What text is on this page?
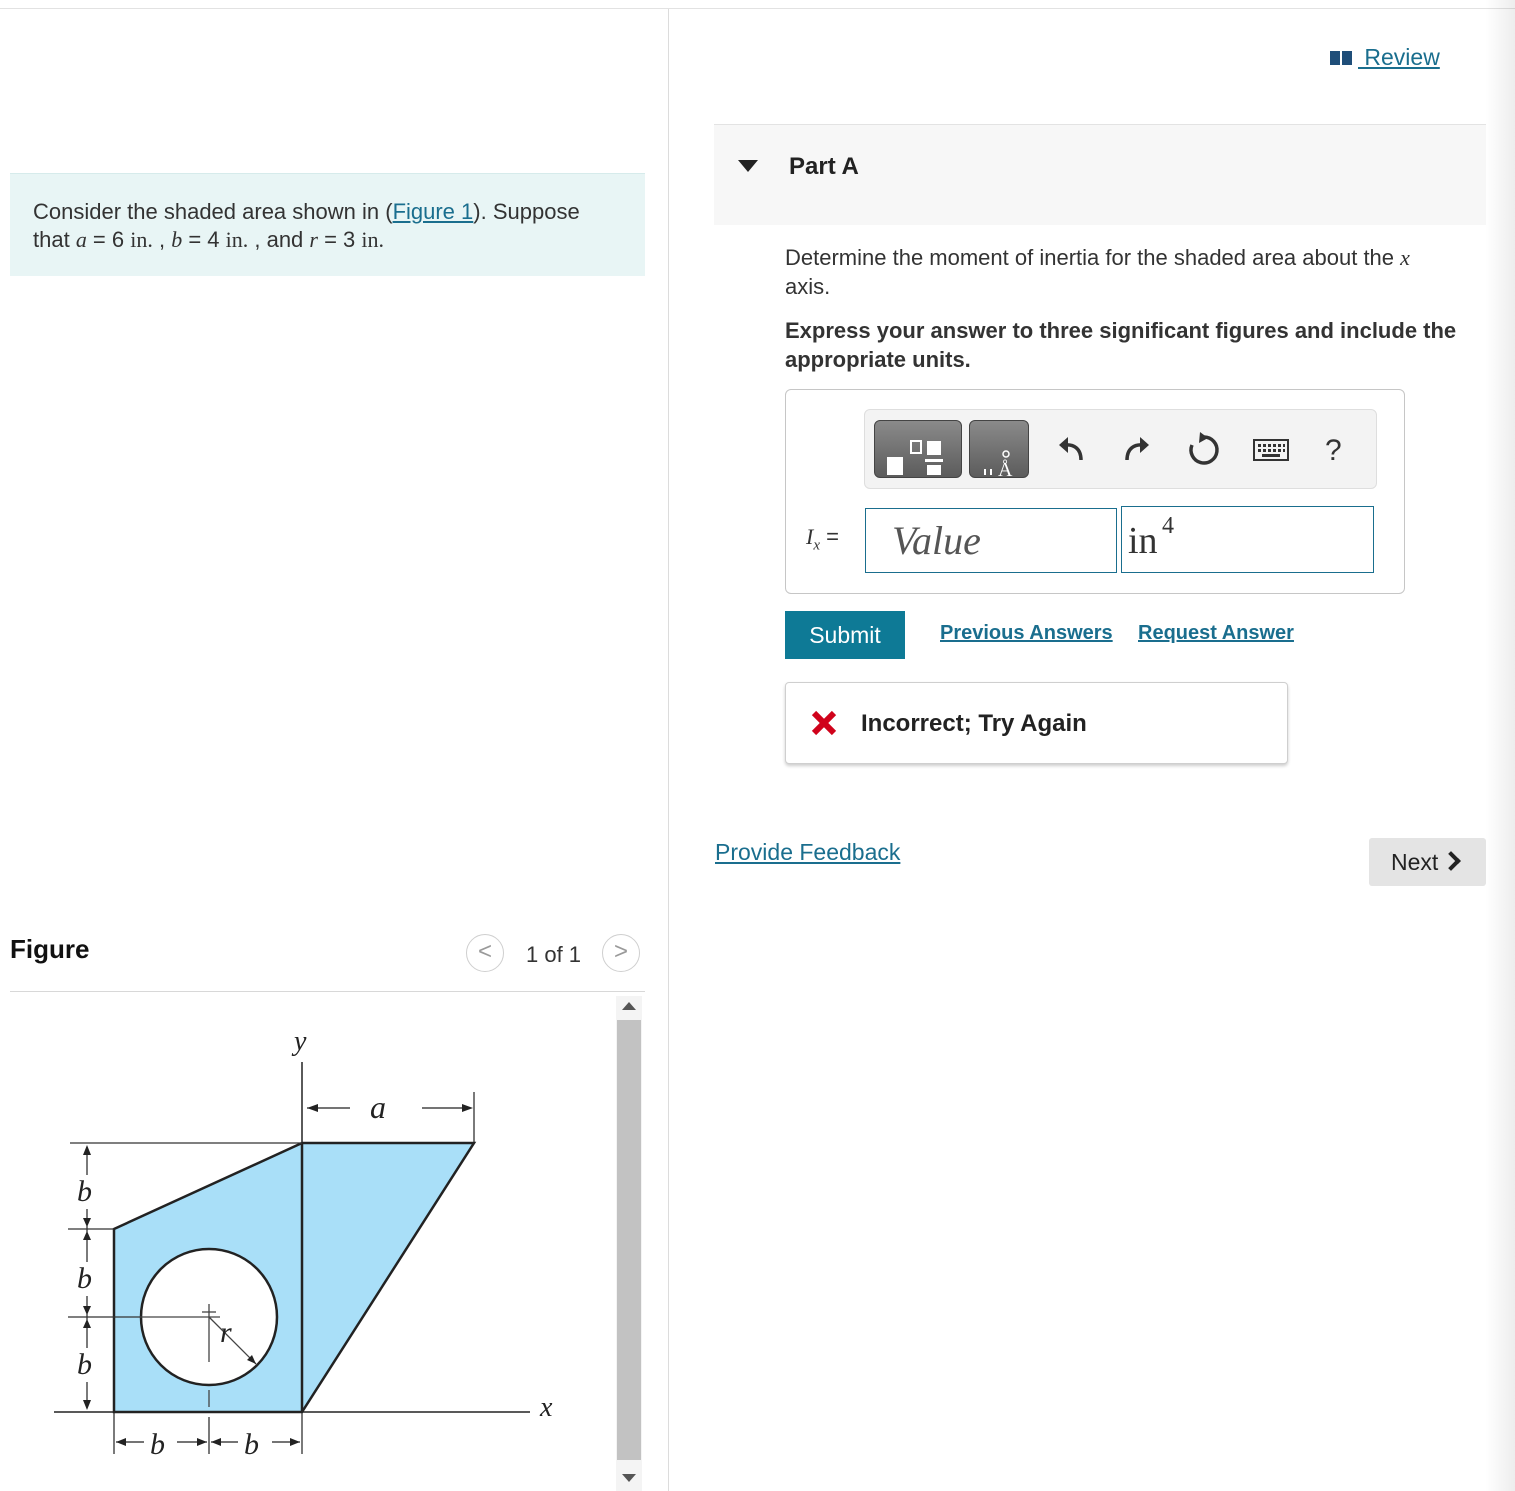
Consider the shaded area shown in (Figure 1). Suppose
that a = 6 in. , b = 4 in. , and r = 3 in.
Figure	<	1 of 1	>
y
x
a
b
b
b
b	b
r
Review
Part A
Determine the moment of inertia for the shaded area about the x
axis.
Express your answer to three significant figures and include the appropriate units.
Å
?
$I_x$ =
Value	in 4
Submit	Previous Answers Request Answer
Incorrect; Try Again
Provide Feedback	Next
